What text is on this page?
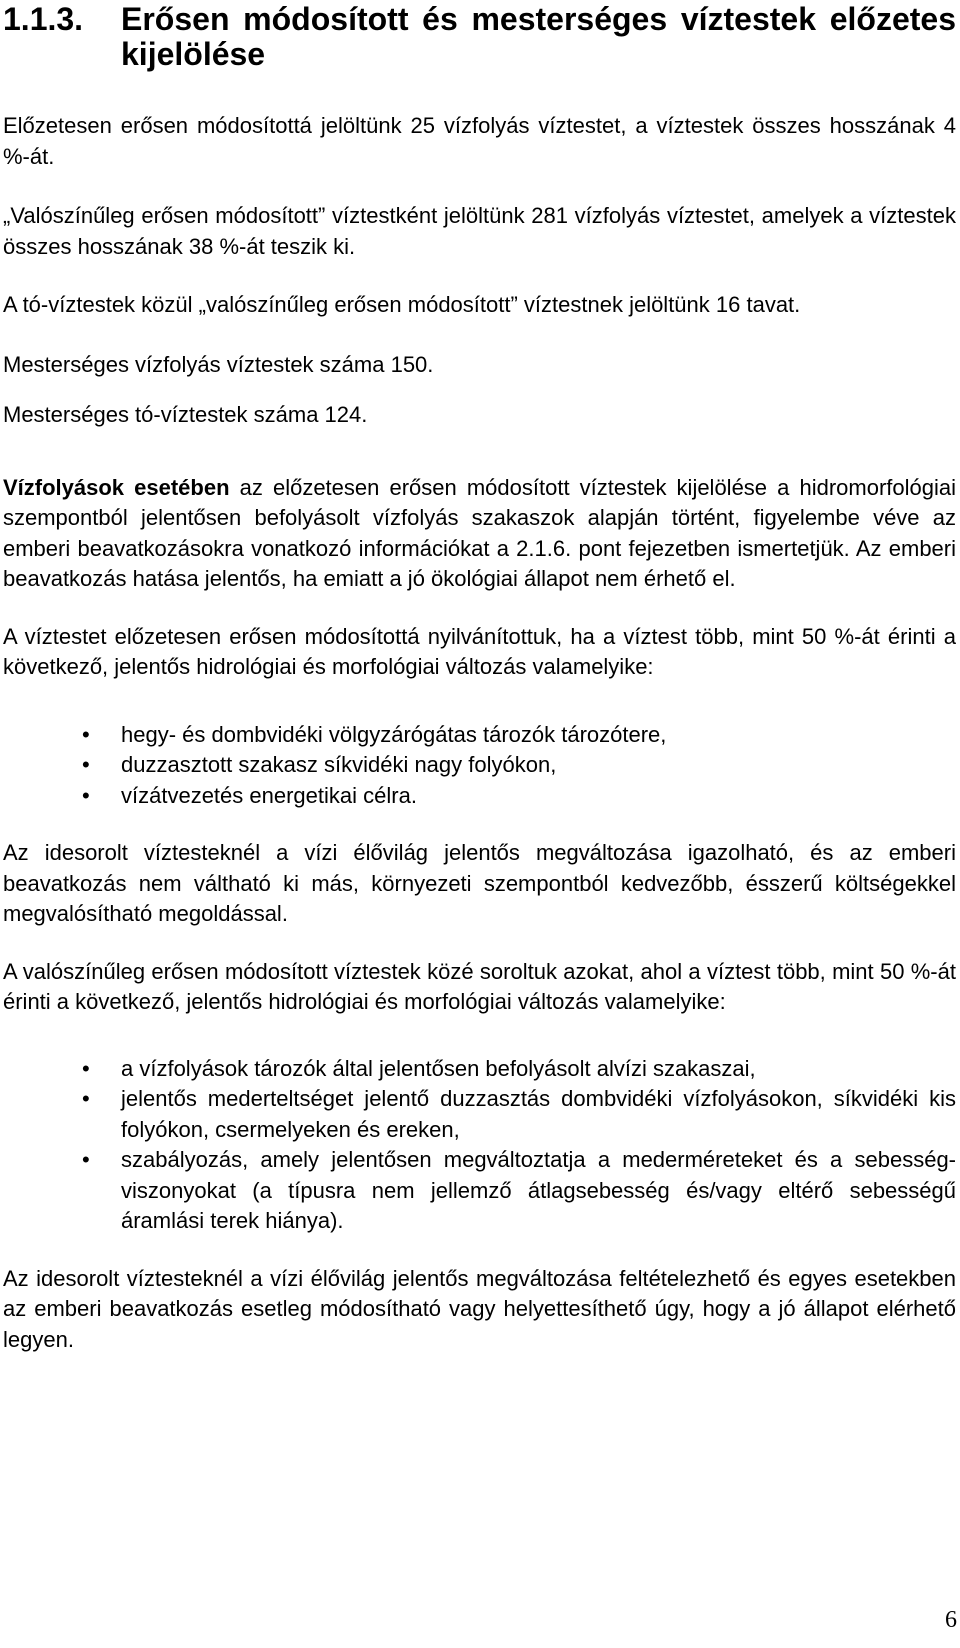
1.1.3.	Erősen módosított és mesterséges víztestek előzetes kijelölése

Előzetesen erősen módosítottá jelöltünk 25 vízfolyás víztestet, a víztestek összes hosszának 4 %-át.

„Valószínűleg erősen módosított” víztestként jelöltünk 281 vízfolyás víztestet, amelyek a víztestek összes hosszának 38 %-át teszik ki.

A tó-víztestek közül „valószínűleg erősen módosított” víztestnek jelöltünk 16 tavat.

Mesterséges vízfolyás víztestek száma 150.

Mesterséges tó-víztestek száma 124.

Vízfolyások esetében az előzetesen erősen módosított víztestek kijelölése a hidromorfológiai szempontból jelentősen befolyásolt vízfolyás szakaszok alapján történt, figyelembe véve az emberi beavatkozásokra vonatkozó információkat a 2.1.6. pont fejezetben ismertetjük. Az emberi beavatkozás hatása jelentős, ha emiatt a jó ökológiai állapot nem érhető el.

A víztestet előzetesen erősen módosítottá nyilvánítottuk, ha a víztest több, mint 50 %-át érinti a következő, jelentős hidrológiai és morfológiai változás valamelyike:

• hegy- és dombvidéki völgyzárógátas tározók tározótere,
• duzzasztott szakasz síkvidéki nagy folyókon,
• vízátvezetés energetikai célra.

Az idesorolt víztesteknél a vízi élővilág jelentős megváltozása igazolható, és az emberi beavatkozás nem váltható ki más, környezeti szempontból kedvezőbb, ésszerű költségekkel megvalósítható megoldással.

A valószínűleg erősen módosított víztestek közé soroltuk azokat, ahol a víztest több, mint 50 %-át érinti a következő, jelentős hidrológiai és morfológiai változás valamelyike:

• a vízfolyások tározók által jelentősen befolyásolt alvízi szakaszai,
• jelentős mederteltséget jelentő duzzasztás dombvidéki vízfolyásokon, síkvidéki kis folyókon, csermelyeken és ereken,
• szabályozás, amely jelentősen megváltoztatja a mederméreteket és a sebesség-viszonyokat (a típusra nem jellemző átlagsebesség és/vagy eltérő sebességű áramlási terek hiánya).

Az idesorolt víztesteknél a vízi élővilág jelentős megváltozása feltételezhető és egyes esetekben az emberi beavatkozás esetleg módosítható vagy helyettesíthető úgy, hogy a jó állapot elérhető legyen.

6
